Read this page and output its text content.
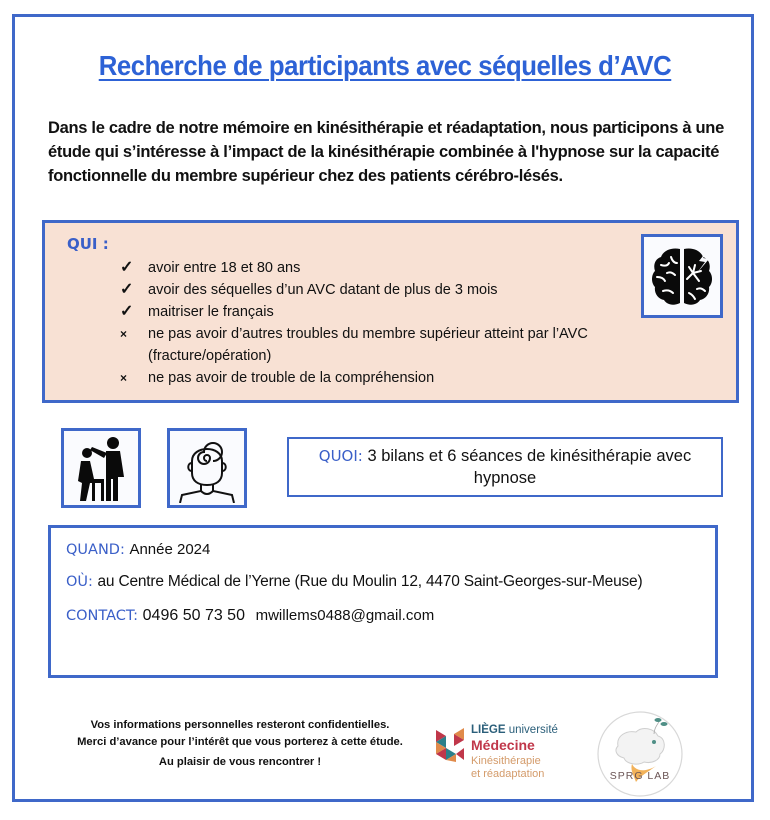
Recherche de participants avec séquelles d’AVC
Dans le cadre de notre mémoire en kinésithérapie et réadaptation, nous participons à une étude qui s’intéresse à l’impact de la kinésithérapie combinée à l'hypnose sur la capacité fonctionnelle du membre supérieur chez des patients cérébro-lésés.
QUI :
✓	avoir entre 18 et 80 ans
✓	avoir des séquelles d’un AVC datant de plus de 3 mois
✓	maitriser le français
×	ne pas avoir d’autres troubles du membre supérieur atteint par l’AVC (fracture/opération)
×	ne pas avoir de trouble de la compréhension
QUOI: 3 bilans et 6 séances de kinésithérapie avec hypnose
QUAND: Année 2024
OÙ: au Centre Médical de l’Yerne (Rue du Moulin 12, 4470 Saint-Georges-sur-Meuse)
CONTACT: 0496 50 73 50 mwillems0488@gmail.com

Vos informations personnelles resteront confidentielles.

Merci d’avance pour l’intérêt que vous porterez à cette étude.

Au plaisir de vous rencontrer !

LIÈGE université
Médecine
Kinésithérapie
et réadaptation	SPRG LAB
